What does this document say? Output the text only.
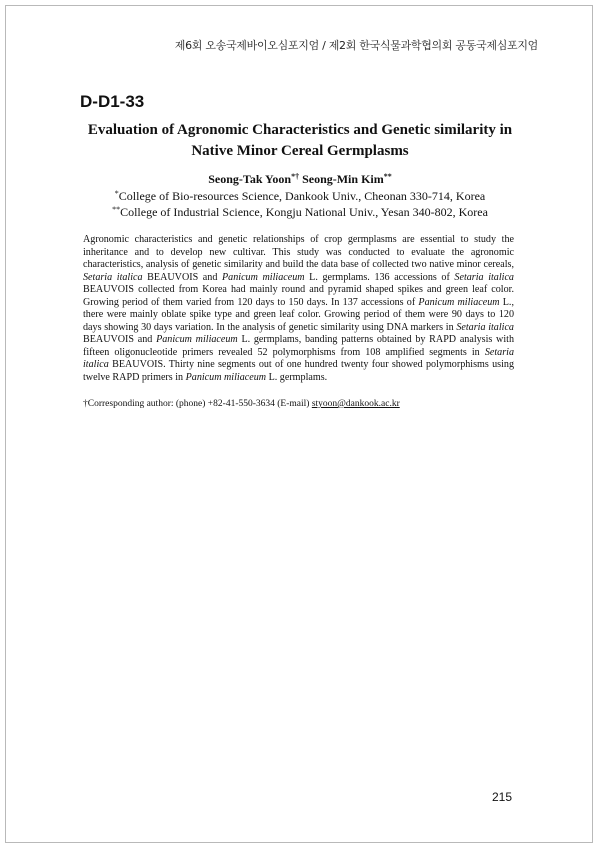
제6회 오송국제바이오심포지엄 / 제2회 한국식물과학협의회 공동국제심포지엄
D-D1-33
Evaluation of Agronomic Characteristics and Genetic similarity in
Native Minor Cereal Germplasms
Seong-Tak Yoon*† Seong-Min Kim**
*College of Bio-resources Science, Dankook Univ., Cheonan 330-714, Korea
**College of Industrial Science, Kongju National Univ., Yesan 340-802, Korea

Agronomic characteristics and genetic relationships of crop germplasms are essential to study the inheritance and to develop new cultivar. This study was conducted to evaluate the agronomic characteristics, analysis of genetic similarity and build the data base of collected two native minor cereals, Setaria italica BEAUVOIS and Panicum miliaceum L. germplams. 136 accessions of Setaria italica BEAUVOIS collected from Korea had mainly round and pyramid shaped spikes and green leaf color. Growing period of them varied from 120 days to 150 days. In 137 accessions of Panicum miliaceum L., there were mainly oblate spike type and green leaf color. Growing period of them were 90 days to 120 days showing 30 days variation. In the analysis of genetic similarity using DNA markers in Setaria italica BEAUVOIS and Panicum miliaceum L. germplams, banding patterns obtained by RAPD analysis with fifteen oligonucleotide primers revealed 52 polymorphisms from 108 amplified segments in Setaria italica BEAUVOIS. Thirty nine segments out of one hundred twenty four showed polymorphisms using twelve RAPD primers in Panicum miliaceum L. germplams.

†Corresponding author: (phone) +82-41-550-3634 (E-mail) styoon@dankook.ac.kr
215
